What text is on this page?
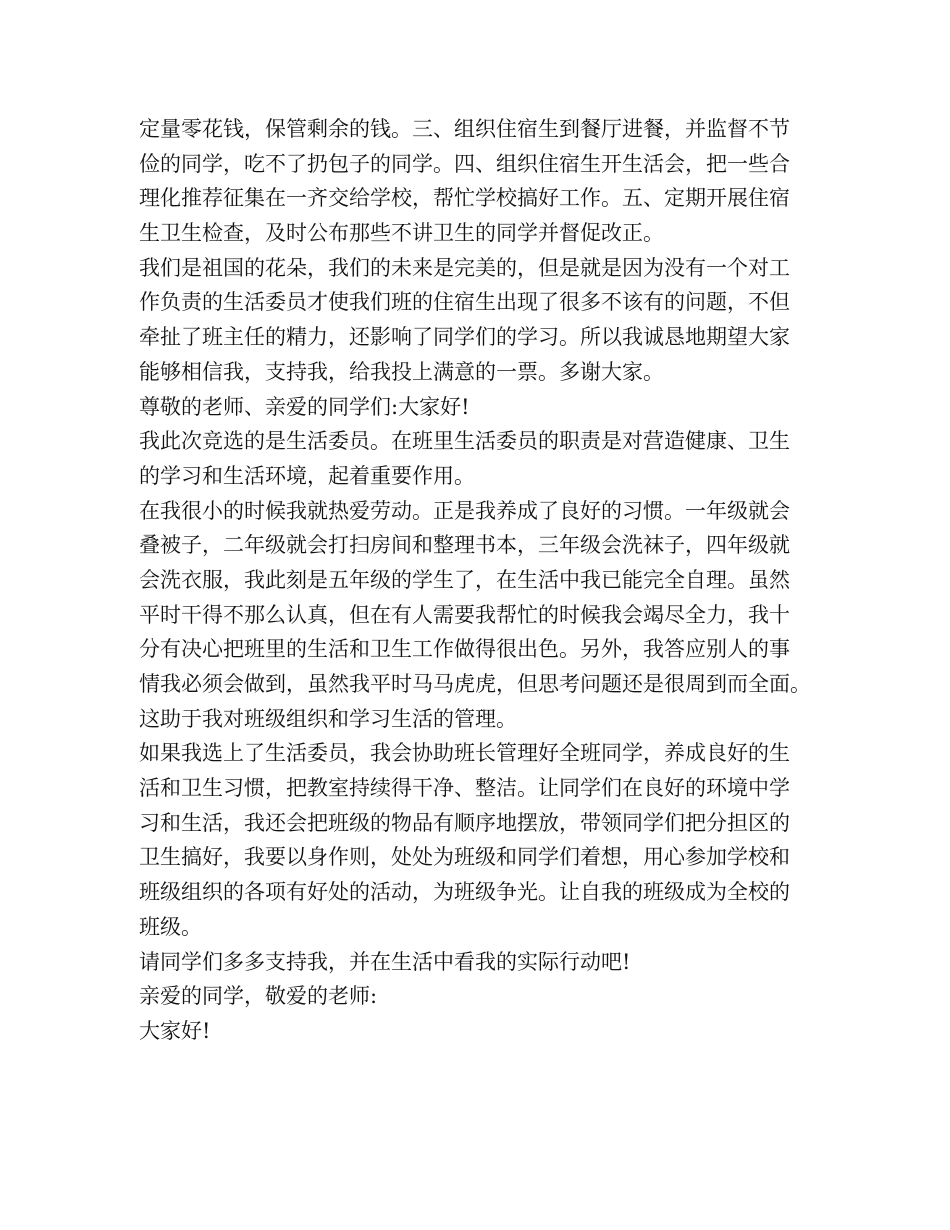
定量零花钱，保管剩余的钱。三、组织住宿生到餐厅进餐，并监督不节
俭的同学，吃不了扔包子的同学。四、组织住宿生开生活会，把一些合
理化推荐征集在一齐交给学校，帮忙学校搞好工作。五、定期开展住宿
生卫生检查，及时公布那些不讲卫生的同学并督促改正。
我们是祖国的花朵，我们的未来是完美的，但是就是因为没有一个对工
作负责的生活委员才使我们班的住宿生出现了很多不该有的问题，不但
牵扯了班主任的精力，还影响了同学们的学习。所以我诚恳地期望大家
能够相信我，支持我，给我投上满意的一票。多谢大家。
尊敬的老师、亲爱的同学们:大家好!
我此次竞选的是生活委员。在班里生活委员的职责是对营造健康、卫生
的学习和生活环境，起着重要作用。
在我很小的时候我就热爱劳动。正是我养成了良好的习惯。一年级就会
叠被子，二年级就会打扫房间和整理书本，三年级会洗袜子，四年级就
会洗衣服，我此刻是五年级的学生了，在生活中我已能完全自理。虽然
平时干得不那么认真，但在有人需要我帮忙的时候我会竭尽全力，我十
分有决心把班里的生活和卫生工作做得很出色。另外，我答应别人的事
情我必须会做到，虽然我平时马马虎虎，但思考问题还是很周到而全面。
这助于我对班级组织和学习生活的管理。
如果我选上了生活委员，我会协助班长管理好全班同学，养成良好的生
活和卫生习惯，把教室持续得干净、整洁。让同学们在良好的环境中学
习和生活，我还会把班级的物品有顺序地摆放，带领同学们把分担区的
卫生搞好，我要以身作则，处处为班级和同学们着想，用心参加学校和
班级组织的各项有好处的活动，为班级争光。让自我的班级成为全校的
班级。
请同学们多多支持我，并在生活中看我的实际行动吧!
亲爱的同学，敬爱的老师:
大家好!
